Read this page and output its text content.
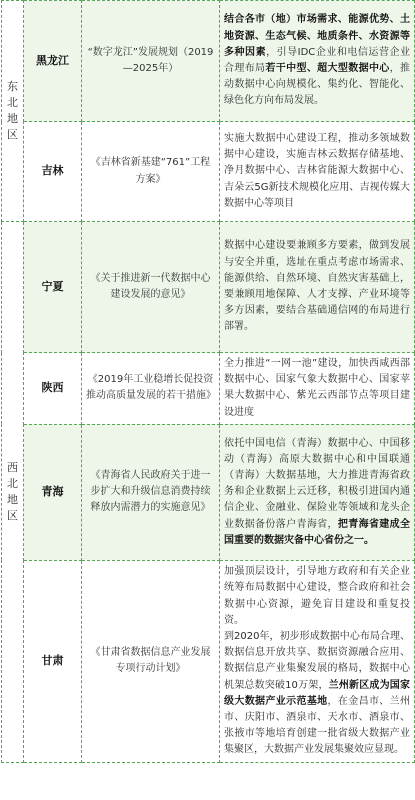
东北地区	黑龙江	“数字龙江”发展规划（2019—2025年）	结合各市（地）市场需求、能源优势、土地资源、生态气候、地质条件、水资源等多种因素，引导IDC企业和电信运营企业合理布局若干中型、超大型数据中心，推动数据中心向规模化、集约化、智能化、绿色化方向布局发展。
	吉林	《吉林省新基建“761”工程方案》	实施大数据中心建设工程，推动多领域数据中心建设，实施吉林云数据存储基地、净月数据中心、吉林省能源大数据中心、吉朵云5G新技术规模化应用、吉视传媒大数据中心等项目

西北地区	宁夏	《关于推进新一代数据中心建设发展的意见》	数据中心建设要兼顾多方要素，做到发展与安全并重，选址在重点考虑市场需求、能源供给、自然环境、自然灾害基础上，要兼顾用地保障、人才支撑、产业环境等多方因素，要结合基础通信网的布局进行部署。
	陕西	《2019年工业稳增长促投资推动高质量发展的若干措施》	全力推进“一网一池”建设，加快西咸西部数据中心、国家气象大数据中心、国家苹果大数据中心、紫光云西部节点等项目建设进度
	青海	《青海省人民政府关于进一步扩大和升级信息消费持续释放内需潜力的实施意见》	依托中国电信（青海）数据中心、中国移动（青海）高原大数据中心和中国联通（青海）大数据基地，大力推进青海省政务和企业数据上云迁移，积极引进国内通信企业、金融业、保险业等领域和龙头企业数据备份落户青海省，把青海省建成全国重要的数据灾备中心省份之一。
	甘肃	《甘肃省数据信息产业发展专项行动计划》	加强顶层设计，引导地方政府和有关企业统筹布局数据中心建设，整合政府和社会数据中心资源，避免盲目建设和重复投资。
到2020年，初步形成数据中心布局合理、数据信息开放共享、数据资源融合应用、数据信息产业集聚发展的格局，数据中心机架总数突破10万架，兰州新区成为国家级大数据产业示范基地，在金昌市、兰州市、庆阳市、酒泉市、天水市、酒泉市、张掖市等地培育创建一批省级大数据产业集聚区，大数据产业发展集聚效应显现。
